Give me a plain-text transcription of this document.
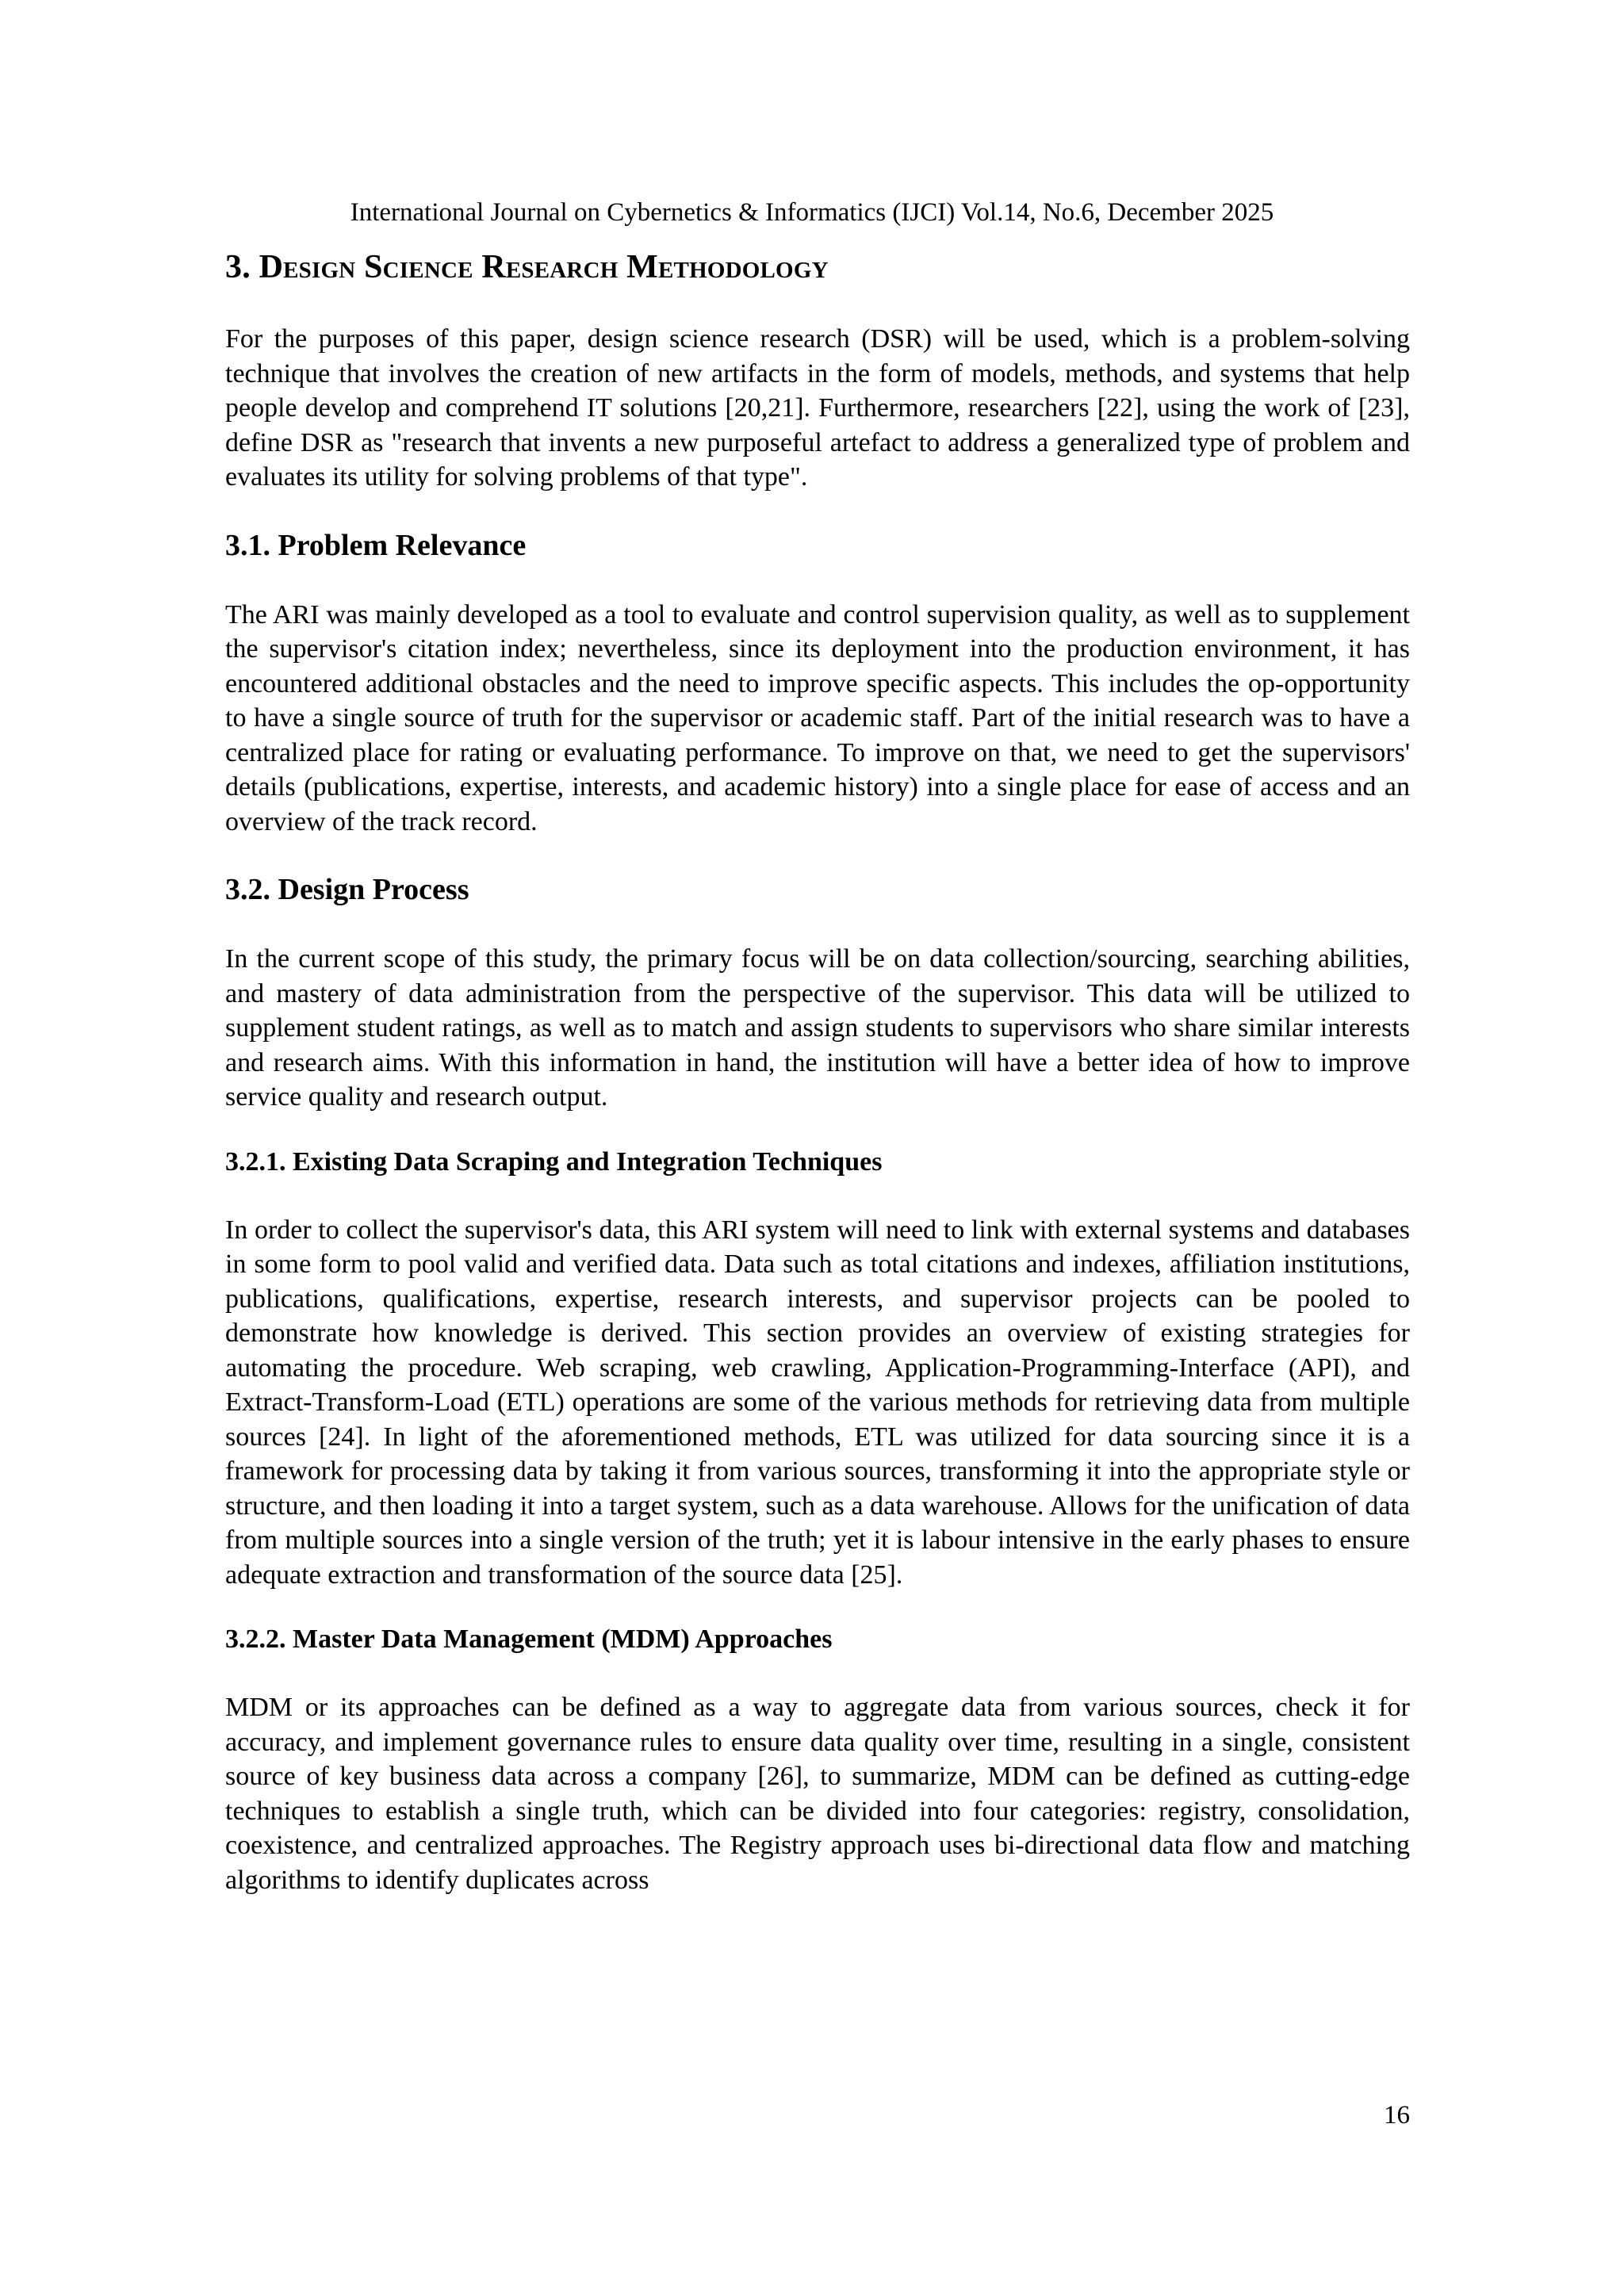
International Journal on Cybernetics & Informatics (IJCI) Vol.14, No.6, December 2025
3. Design Science Research Methodology

For the purposes of this paper, design science research (DSR) will be used, which is a problem-solving technique that involves the creation of new artifacts in the form of models, methods, and systems that help people develop and comprehend IT solutions [20,21]. Furthermore, researchers [22], using the work of [23], define DSR as "research that invents a new purposeful artefact to address a generalized type of problem and evaluates its utility for solving problems of that type".

3.1. Problem Relevance

The ARI was mainly developed as a tool to evaluate and control supervision quality, as well as to supplement the supervisor's citation index; nevertheless, since its deployment into the production environment, it has encountered additional obstacles and the need to improve specific aspects. This includes the op-opportunity to have a single source of truth for the supervisor or academic staff. Part of the initial research was to have a centralized place for rating or evaluating performance. To improve on that, we need to get the supervisors' details (publications, expertise, interests, and academic history) into a single place for ease of access and an overview of the track record.

3.2. Design Process

In the current scope of this study, the primary focus will be on data collection/sourcing, searching abilities, and mastery of data administration from the perspective of the supervisor. This data will be utilized to supplement student ratings, as well as to match and assign students to supervisors who share similar interests and research aims. With this information in hand, the institution will have a better idea of how to improve service quality and research output.

3.2.1. Existing Data Scraping and Integration Techniques

In order to collect the supervisor's data, this ARI system will need to link with external systems and databases in some form to pool valid and verified data. Data such as total citations and indexes, affiliation institutions, publications, qualifications, expertise, research interests, and supervisor projects can be pooled to demonstrate how knowledge is derived. This section provides an overview of existing strategies for automating the procedure. Web scraping, web crawling, Application-Programming-Interface (API), and Extract-Transform-Load (ETL) operations are some of the various methods for retrieving data from multiple sources [24]. In light of the aforementioned methods, ETL was utilized for data sourcing since it is a framework for processing data by taking it from various sources, transforming it into the appropriate style or structure, and then loading it into a target system, such as a data warehouse. Allows for the unification of data from multiple sources into a single version of the truth; yet it is labour intensive in the early phases to ensure adequate extraction and transformation of the source data [25].

3.2.2. Master Data Management (MDM) Approaches

MDM or its approaches can be defined as a way to aggregate data from various sources, check it for accuracy, and implement governance rules to ensure data quality over time, resulting in a single, consistent source of key business data across a company [26], to summarize, MDM can be defined as cutting-edge techniques to establish a single truth, which can be divided into four categories: registry, consolidation, coexistence, and centralized approaches. The Registry approach uses bi-directional data flow and matching algorithms to identify duplicates across

16
